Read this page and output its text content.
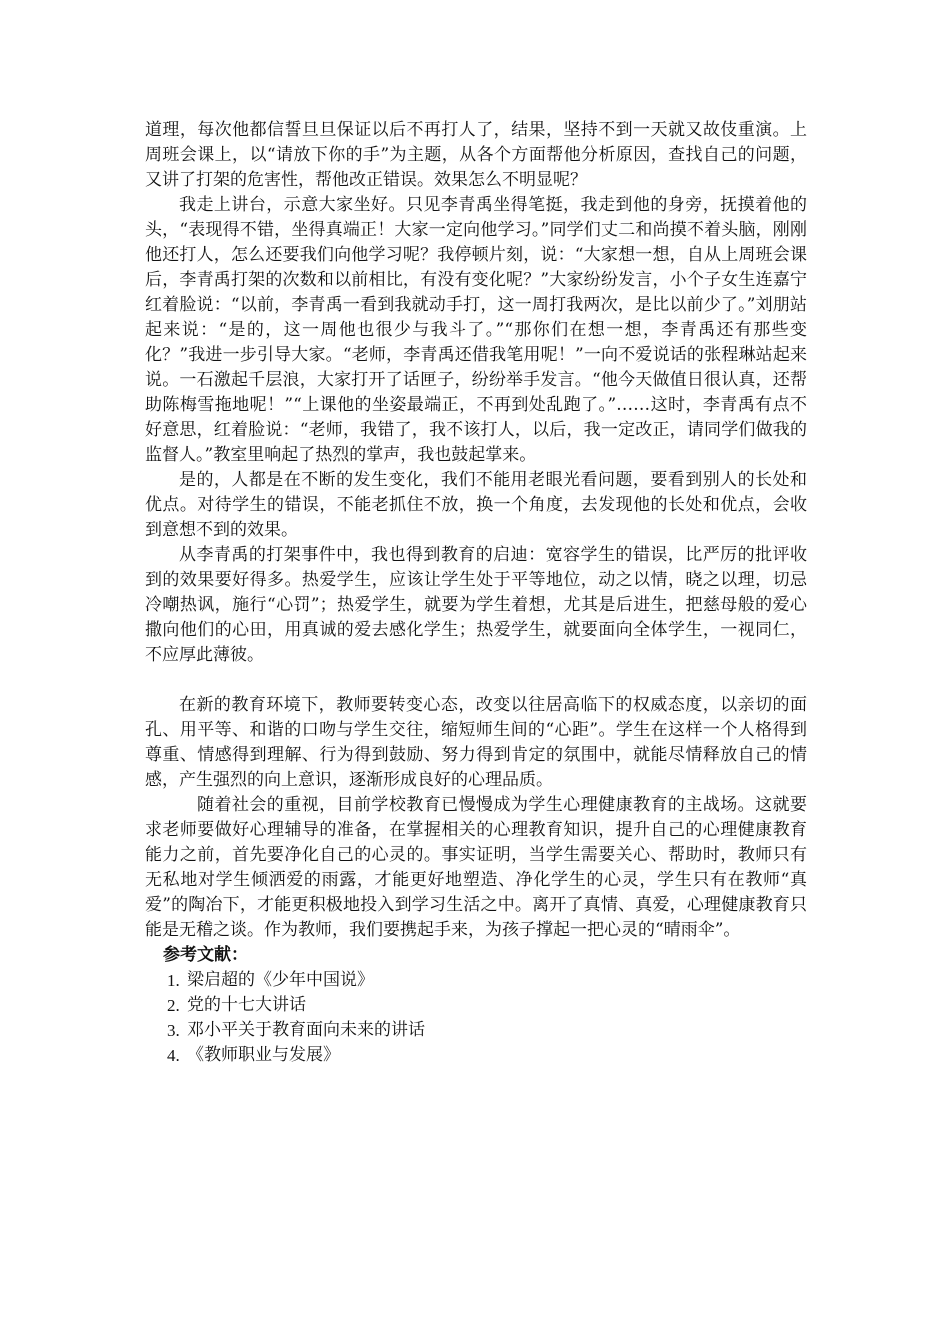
道理，每次他都信誓旦旦保证以后不再打人了，结果，坚持不到一天就又故伎重演。上周班会课上，以“请放下你的手”为主题，从各个方面帮他分析原因，查找自己的问题，又讲了打架的危害性，帮他改正错误。效果怎么不明显呢？

我走上讲台，示意大家坐好。只见李青禹坐得笔挺，我走到他的身旁，抚摸着他的头，“表现得不错，坐得真端正！大家一定向他学习。”同学们丈二和尚摸不着头脑，刚刚他还打人，怎么还要我们向他学习呢？我停顿片刻，说：“大家想一想，自从上周班会课后，李青禹打架的次数和以前相比，有没有变化呢？”大家纷纷发言，小个子女生连嘉宁红着脸说：“以前，李青禹一看到我就动手打，这一周打我两次，是比以前少了。”刘朋站起来说：“是的，这一周他也很少与我斗了。”“那你们在想一想，李青禹还有那些变化？”我进一步引导大家。“老师，李青禹还借我笔用呢！”一向不爱说话的张程琳站起来说。一石激起千层浪，大家打开了话匣子，纷纷举手发言。“他今天做值日很认真，还帮助陈梅雪拖地呢！”“上课他的坐姿最端正，不再到处乱跑了。”……这时，李青禹有点不好意思，红着脸说：“老师，我错了，我不该打人，以后，我一定改正，请同学们做我的监督人。”教室里响起了热烈的掌声，我也鼓起掌来。

是的，人都是在不断的发生变化，我们不能用老眼光看问题，要看到别人的长处和优点。对待学生的错误，不能老抓住不放，换一个角度，去发现他的长处和优点，会收到意想不到的效果。

从李青禹的打架事件中，我也得到教育的启迪：宽容学生的错误，比严厉的批评收到的效果要好得多。热爱学生，应该让学生处于平等地位，动之以情，晓之以理，切忌冷嘲热讽，施行“心罚”；热爱学生，就要为学生着想，尤其是后进生，把慈母般的爱心撒向他们的心田，用真诚的爱去感化学生；热爱学生，就要面向全体学生，一视同仁，不应厚此薄彼。

在新的教育环境下，教师要转变心态，改变以往居高临下的权威态度，以亲切的面孔、用平等、和谐的口吻与学生交往，缩短师生间的“心距”。学生在这样一个人格得到尊重、情感得到理解、行为得到鼓励、努力得到肯定的氛围中，就能尽情释放自己的情感，产生强烈的向上意识，逐渐形成良好的心理品质。

随着社会的重视，目前学校教育已慢慢成为学生心理健康教育的主战场。这就要求老师要做好心理辅导的准备，在掌握相关的心理教育知识，提升自己的心理健康教育能力之前，首先要净化自己的心灵的。事实证明，当学生需要关心、帮助时，教师只有无私地对学生倾洒爱的雨露，才能更好地塑造、净化学生的心灵，学生只有在教师“真爱”的陶冶下，才能更积极地投入到学习生活之中。离开了真情、真爱，心理健康教育只能是无稽之谈。作为教师，我们要携起手来，为孩子撑起一把心灵的“晴雨伞”。

参考文献：

1. 梁启超的《少年中国说》
2. 党的十七大讲话
3. 邓小平关于教育面向未来的讲话
4. 《教师职业与发展》
